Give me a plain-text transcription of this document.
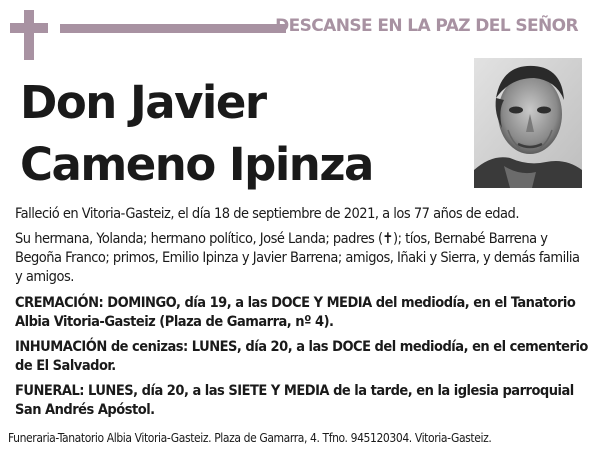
DESCANSE EN LA PAZ DEL SEÑOR
Don Javier
Cameno Ipinza

Falleció en Vitoria-Gasteiz, el día 18 de septiembre de 2021, a los 77 años de edad.

Su hermana, Yolanda; hermano político, José Landa; padres (✝); tíos, Bernabé Barrena y Begoña Franco; primos, Emilio Ipinza y Javier Barrena; amigos, Iñaki y Sierra, y demás familia y amigos.

CREMACIÓN: DOMINGO, día 19, a las DOCE Y MEDIA del mediodía, en el Tanatorio Albia Vitoria-Gasteiz (Plaza de Gamarra, nº 4).

INHUMACIÓN de cenizas: LUNES, día 20, a las DOCE del mediodía, en el cementerio de El Salvador.

FUNERAL: LUNES, día 20, a las SIETE Y MEDIA de la tarde, en la iglesia parroquial San Andrés Apóstol.

Funeraria-Tanatorio Albia Vitoria-Gasteiz. Plaza de Gamarra, 4. Tfno. 945120304. Vitoria-Gasteiz.
